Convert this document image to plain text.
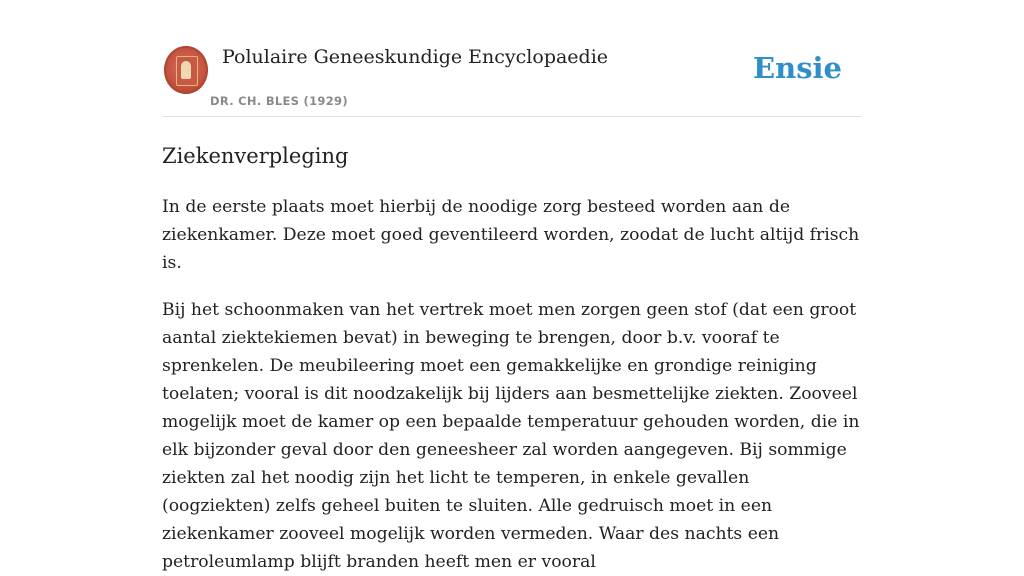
Polulaire Geneeskundige Encyclopaedie
DR. CH. BLES (1929)
Ensie
Ziekenverpleging

In de eerste plaats moet hierbij de noodige zorg besteed worden aan de ziekenkamer. Deze moet goed geventileerd worden, zoodat de lucht altijd frisch is.

Bij het schoonmaken van het vertrek moet men zorgen geen stof (dat een groot aantal ziektekiemen bevat) in beweging te brengen, door b.v. vooraf te sprenkelen. De meubileering moet een gemakkelijke en grondige reiniging toelaten; vooral is dit noodzakelijk bij lijders aan besmettelijke ziekten. Zooveel mogelijk moet de kamer op een bepaalde temperatuur gehouden worden, die in elk bijzonder geval door den geneesheer zal worden aangegeven. Bij sommige ziekten zal het noodig zijn het licht te temperen, in enkele gevallen (oogziekten) zelfs geheel buiten te sluiten. Alle gedruisch moet in een ziekenkamer zooveel mogelijk worden vermeden. Waar des nachts een petroleumlamp blijft branden heeft men er vooral
